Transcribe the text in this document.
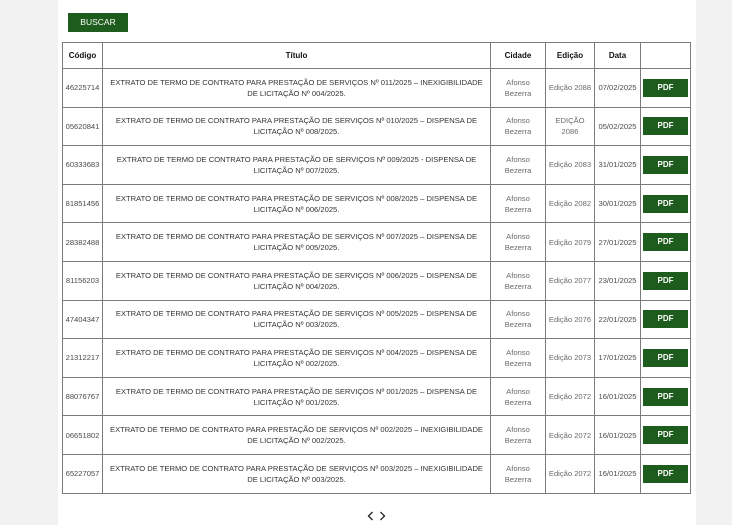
BUSCAR
Código	Título	Cidade	Edição	Data	
46225714	EXTRATO DE TERMO DE CONTRATO PARA PRESTAÇÃO DE SERVIÇOS Nº 011/2025 – INEXIGIBILIDADE DE LICITAÇÃO Nº 004/2025.	Afonso Bezerra	Edição 2088	07/02/2025	PDF
05620841	EXTRATO DE TERMO DE CONTRATO PARA PRESTAÇÃO DE SERVIÇOS Nº 010/2025 – DISPENSA DE LICITAÇÃO Nº 008/2025.	Afonso Bezerra	EDIÇÃO 2086	05/02/2025	PDF
60333683	EXTRATO DE TERMO DE CONTRATO PARA PRESTAÇÃO DE SERVIÇOS Nº 009/2025 - DISPENSA DE LICITAÇÃO Nº 007/2025.	Afonso Bezerra	Edição 2083	31/01/2025	PDF
81851456	EXTRATO DE TERMO DE CONTRATO PARA PRESTAÇÃO DE SERVIÇOS Nº 008/2025 – DISPENSA DE LICITAÇÃO Nº 006/2025.	Afonso Bezerra	Edição 2082	30/01/2025	PDF
28382488	EXTRATO DE TERMO DE CONTRATO PARA PRESTAÇÃO DE SERVIÇOS Nº 007/2025 – DISPENSA DE LICITAÇÃO Nº 005/2025.	Afonso Bezerra	Edição 2079	27/01/2025	PDF
81156203	EXTRATO DE TERMO DE CONTRATO PARA PRESTAÇÃO DE SERVIÇOS Nº 006/2025 – DISPENSA DE LICITAÇÃO Nº 004/2025.	Afonso Bezerra	Edição 2077	23/01/2025	PDF
47404347	EXTRATO DE TERMO DE CONTRATO PARA PRESTAÇÃO DE SERVIÇOS Nº 005/2025 – DISPENSA DE LICITAÇÃO Nº 003/2025.	Afonso Bezerra	Edição 2076	22/01/2025	PDF
21312217	EXTRATO DE TERMO DE CONTRATO PARA PRESTAÇÃO DE SERVIÇOS Nº 004/2025 – DISPENSA DE LICITAÇÃO Nº 002/2025.	Afonso Bezerra	Edição 2073	17/01/2025	PDF
88076767	EXTRATO DE TERMO DE CONTRATO PARA PRESTAÇÃO DE SERVIÇOS Nº 001/2025 – DISPENSA DE LICITAÇÃO Nº 001/2025.	Afonso Bezerra	Edição 2072	16/01/2025	PDF
06651802	EXTRATO DE TERMO DE CONTRATO PARA PRESTAÇÃO DE SERVIÇOS Nº 002/2025 – INEXIGIBILIDADE DE LICITAÇÃO Nº 002/2025.	Afonso Bezerra	Edição 2072	16/01/2025	PDF
65227057	EXTRATO DE TERMO DE CONTRATO PARA PRESTAÇÃO DE SERVIÇOS Nº 003/2025 – INEXIGIBILIDADE DE LICITAÇÃO Nº 003/2025.	Afonso Bezerra	Edição 2072	16/01/2025	PDF
